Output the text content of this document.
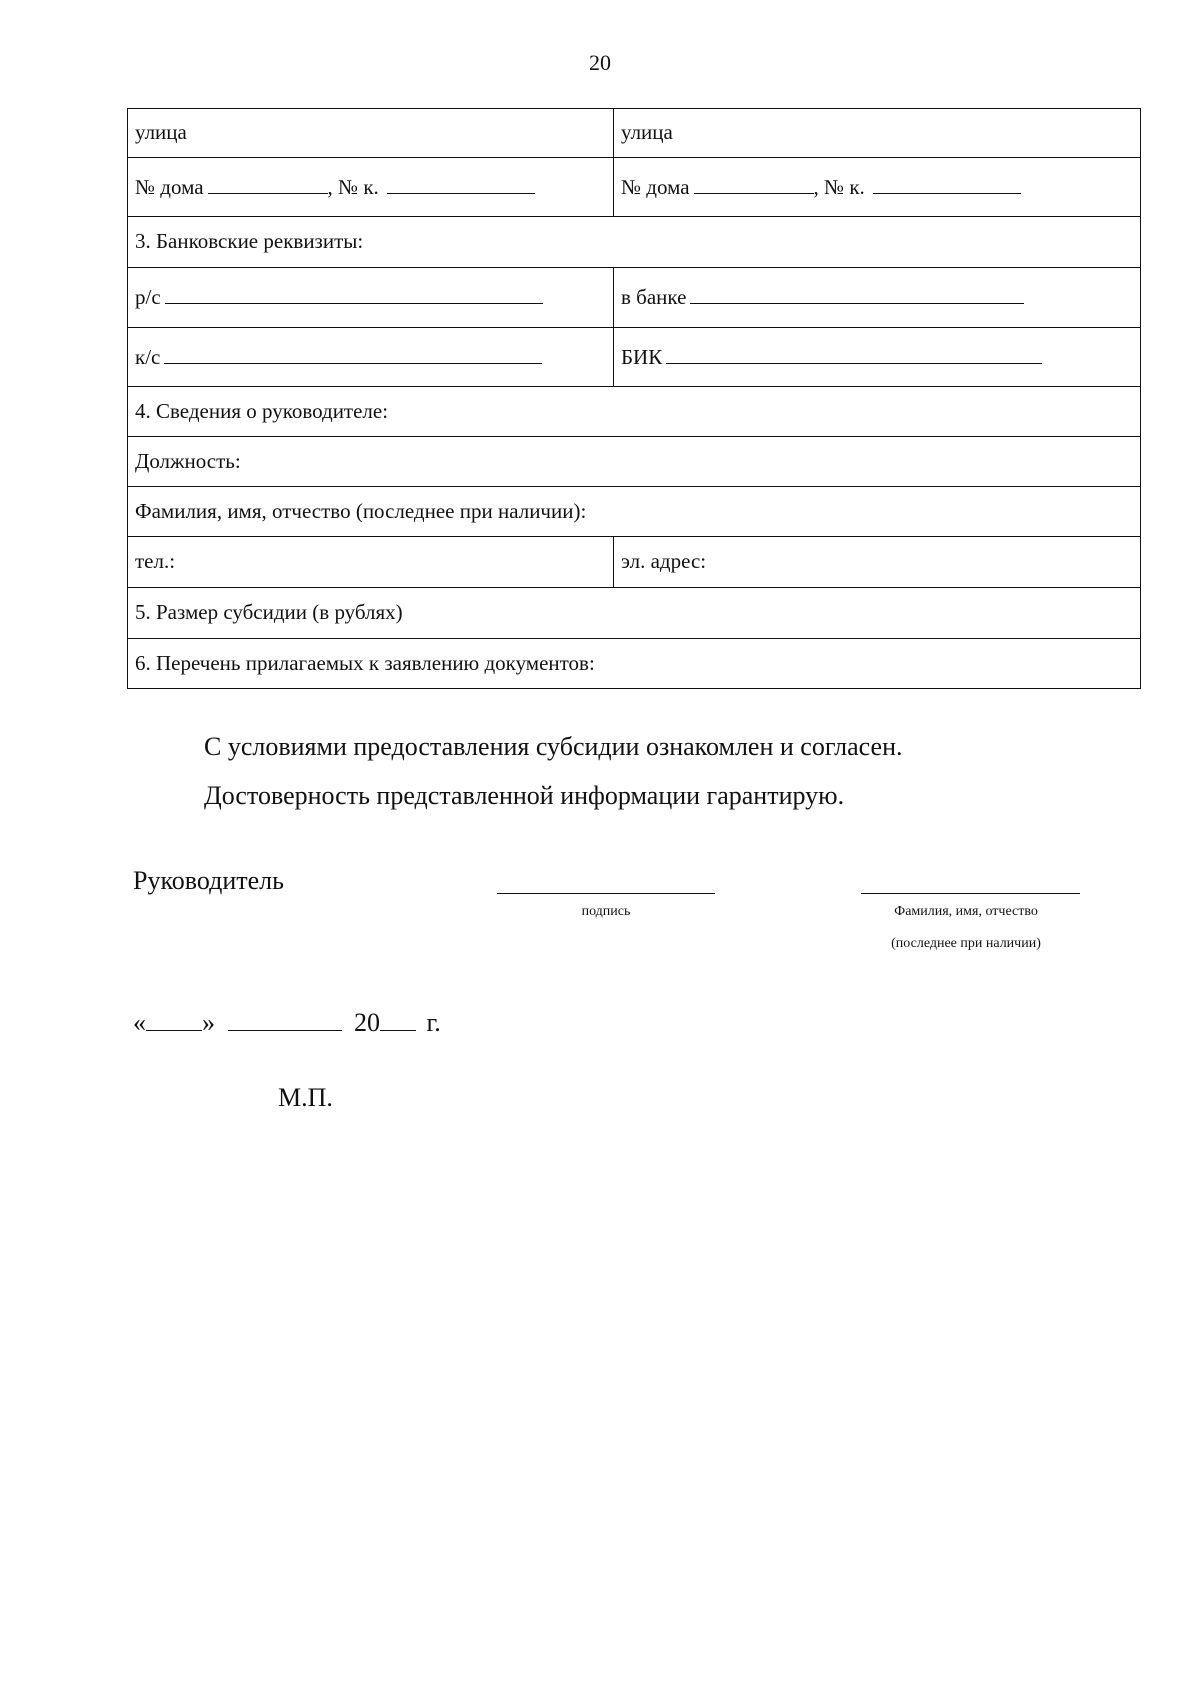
20
улица	улица
№ дома , № к.	№ дома , № к.
3. Банковские реквизиты:	
р/с	в банке
к/с	БИК
4. Сведения о руководителе:	
Должность:	
Фамилия, имя, отчество (последнее при наличии):	
тел.:	эл. адрес:
5. Размер субсидии (в рублях)	
6. Перечень прилагаемых к заявлению документов:	
С условиями предоставления субсидии ознакомлен и согласен.
Достоверность представленной информации гарантирую.
Руководитель
подпись	Фамилия, имя, отчество
(последнее при наличии)
« »	20 г.
М.П.
